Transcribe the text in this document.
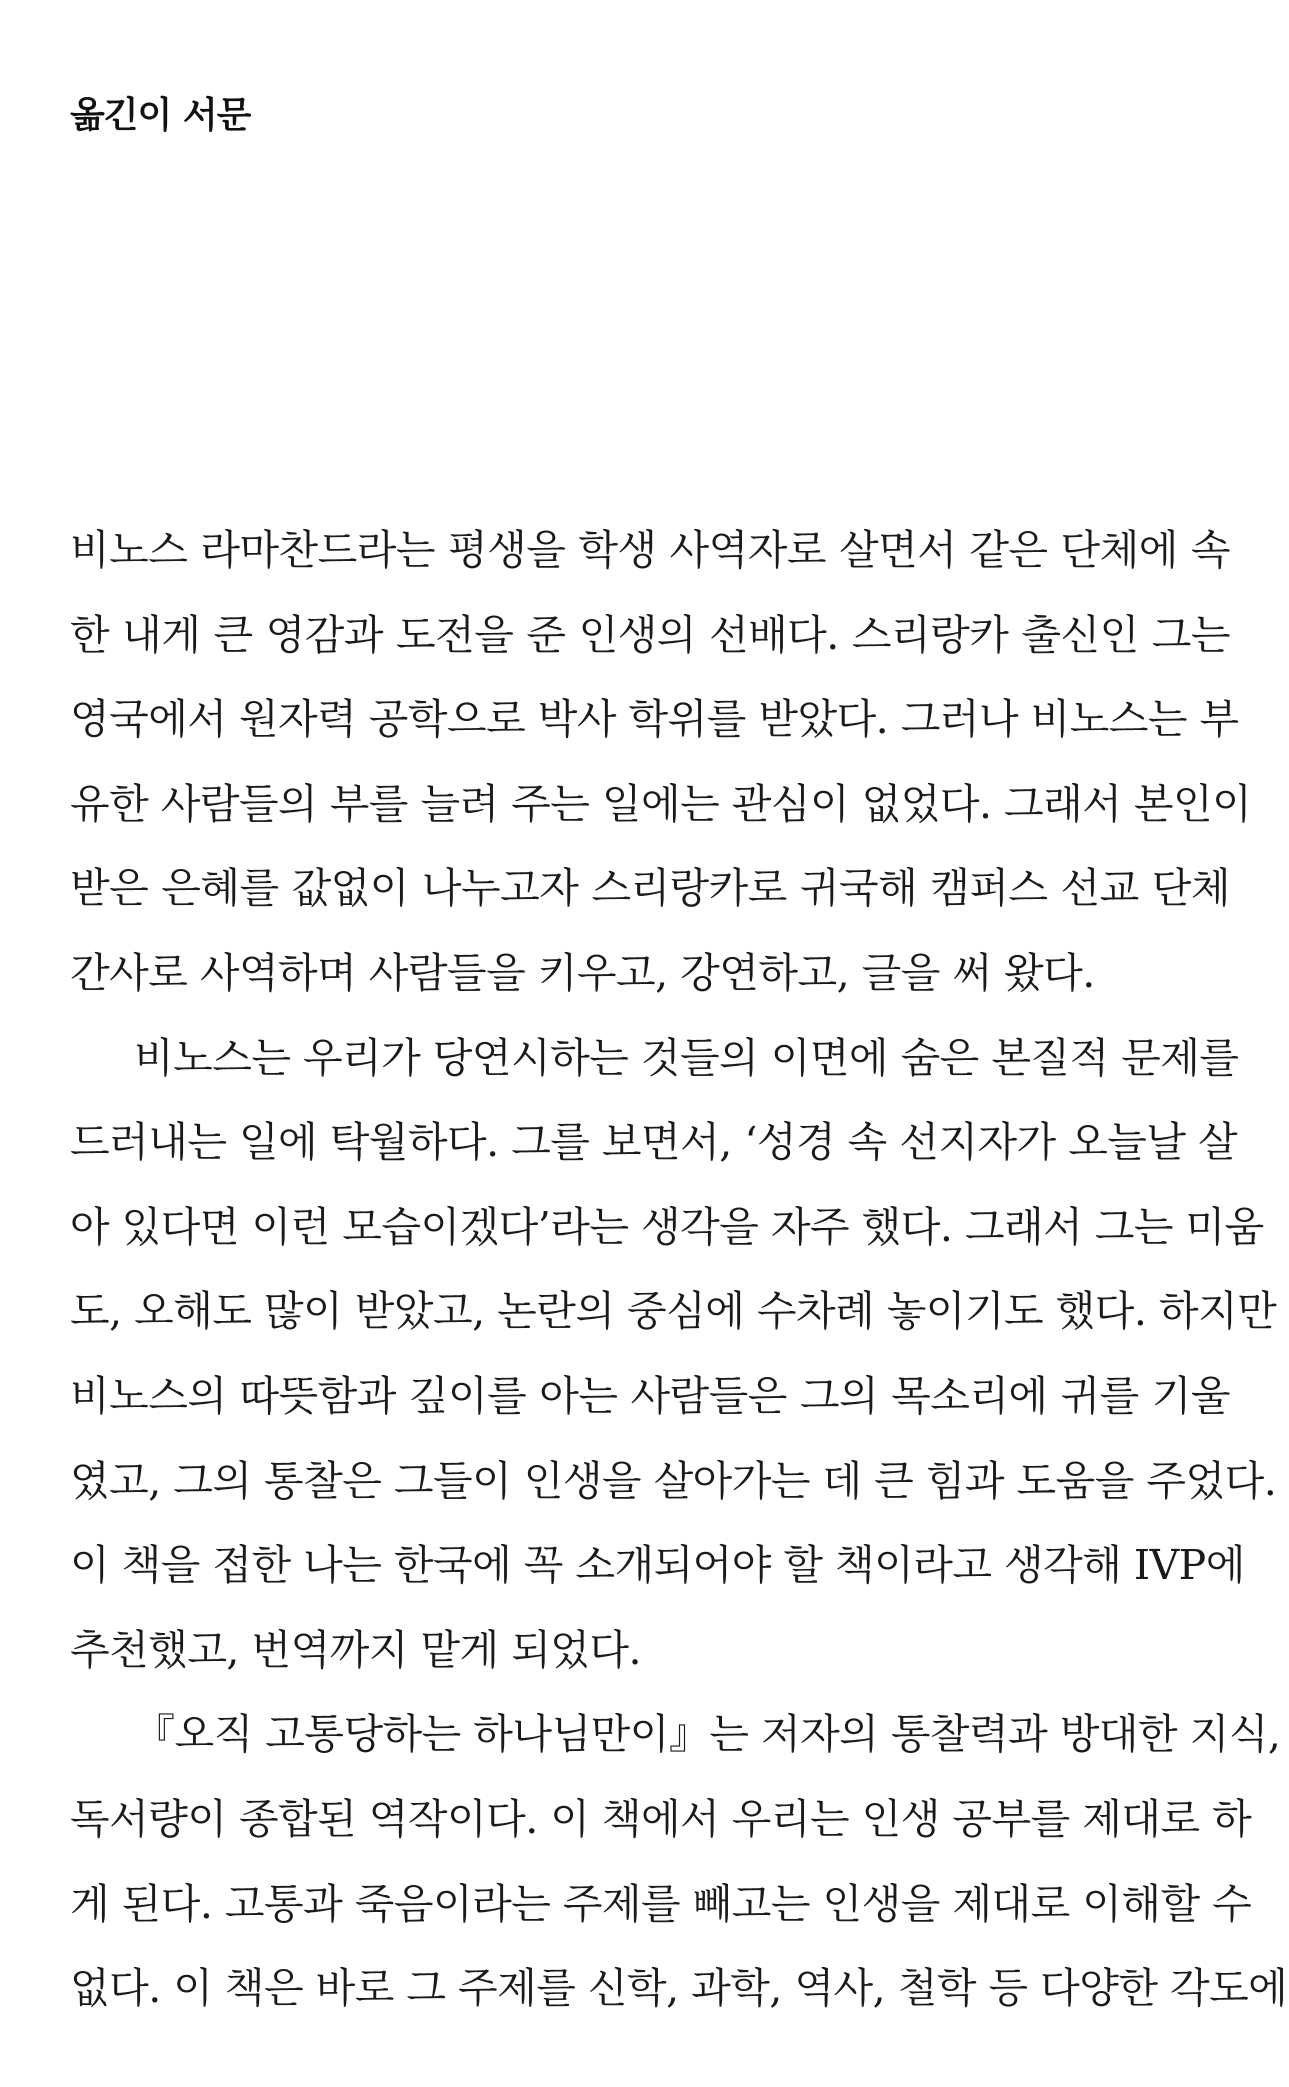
옮긴이 서문
비노스 라마찬드라는 평생을 학생 사역자로 살면서 같은 단체에 속
한 내게 큰 영감과 도전을 준 인생의 선배다. 스리랑카 출신인 그는
영국에서 원자력 공학으로 박사 학위를 받았다. 그러나 비노스는 부
유한 사람들의 부를 늘려 주는 일에는 관심이 없었다. 그래서 본인이
받은 은혜를 값없이 나누고자 스리랑카로 귀국해 캠퍼스 선교 단체
간사로 사역하며 사람들을 키우고, 강연하고, 글을 써 왔다.
비노스는 우리가 당연시하는 것들의 이면에 숨은 본질적 문제를
드러내는 일에 탁월하다. 그를 보면서, ‘성경 속 선지자가 오늘날 살
아 있다면 이런 모습이겠다’라는 생각을 자주 했다. 그래서 그는 미움
도, 오해도 많이 받았고, 논란의 중심에 수차례 놓이기도 했다. 하지만
비노스의 따뜻함과 깊이를 아는 사람들은 그의 목소리에 귀를 기울
였고, 그의 통찰은 그들이 인생을 살아가는 데 큰 힘과 도움을 주었다.
이 책을 접한 나는 한국에 꼭 소개되어야 할 책이라고 생각해 IVP에
추천했고, 번역까지 맡게 되었다.
『오직 고통당하는 하나님만이』는 저자의 통찰력과 방대한 지식,
독서량이 종합된 역작이다. 이 책에서 우리는 인생 공부를 제대로 하
게 된다. 고통과 죽음이라는 주제를 빼고는 인생을 제대로 이해할 수
없다. 이 책은 바로 그 주제를 신학, 과학, 역사, 철학 등 다양한 각도에
